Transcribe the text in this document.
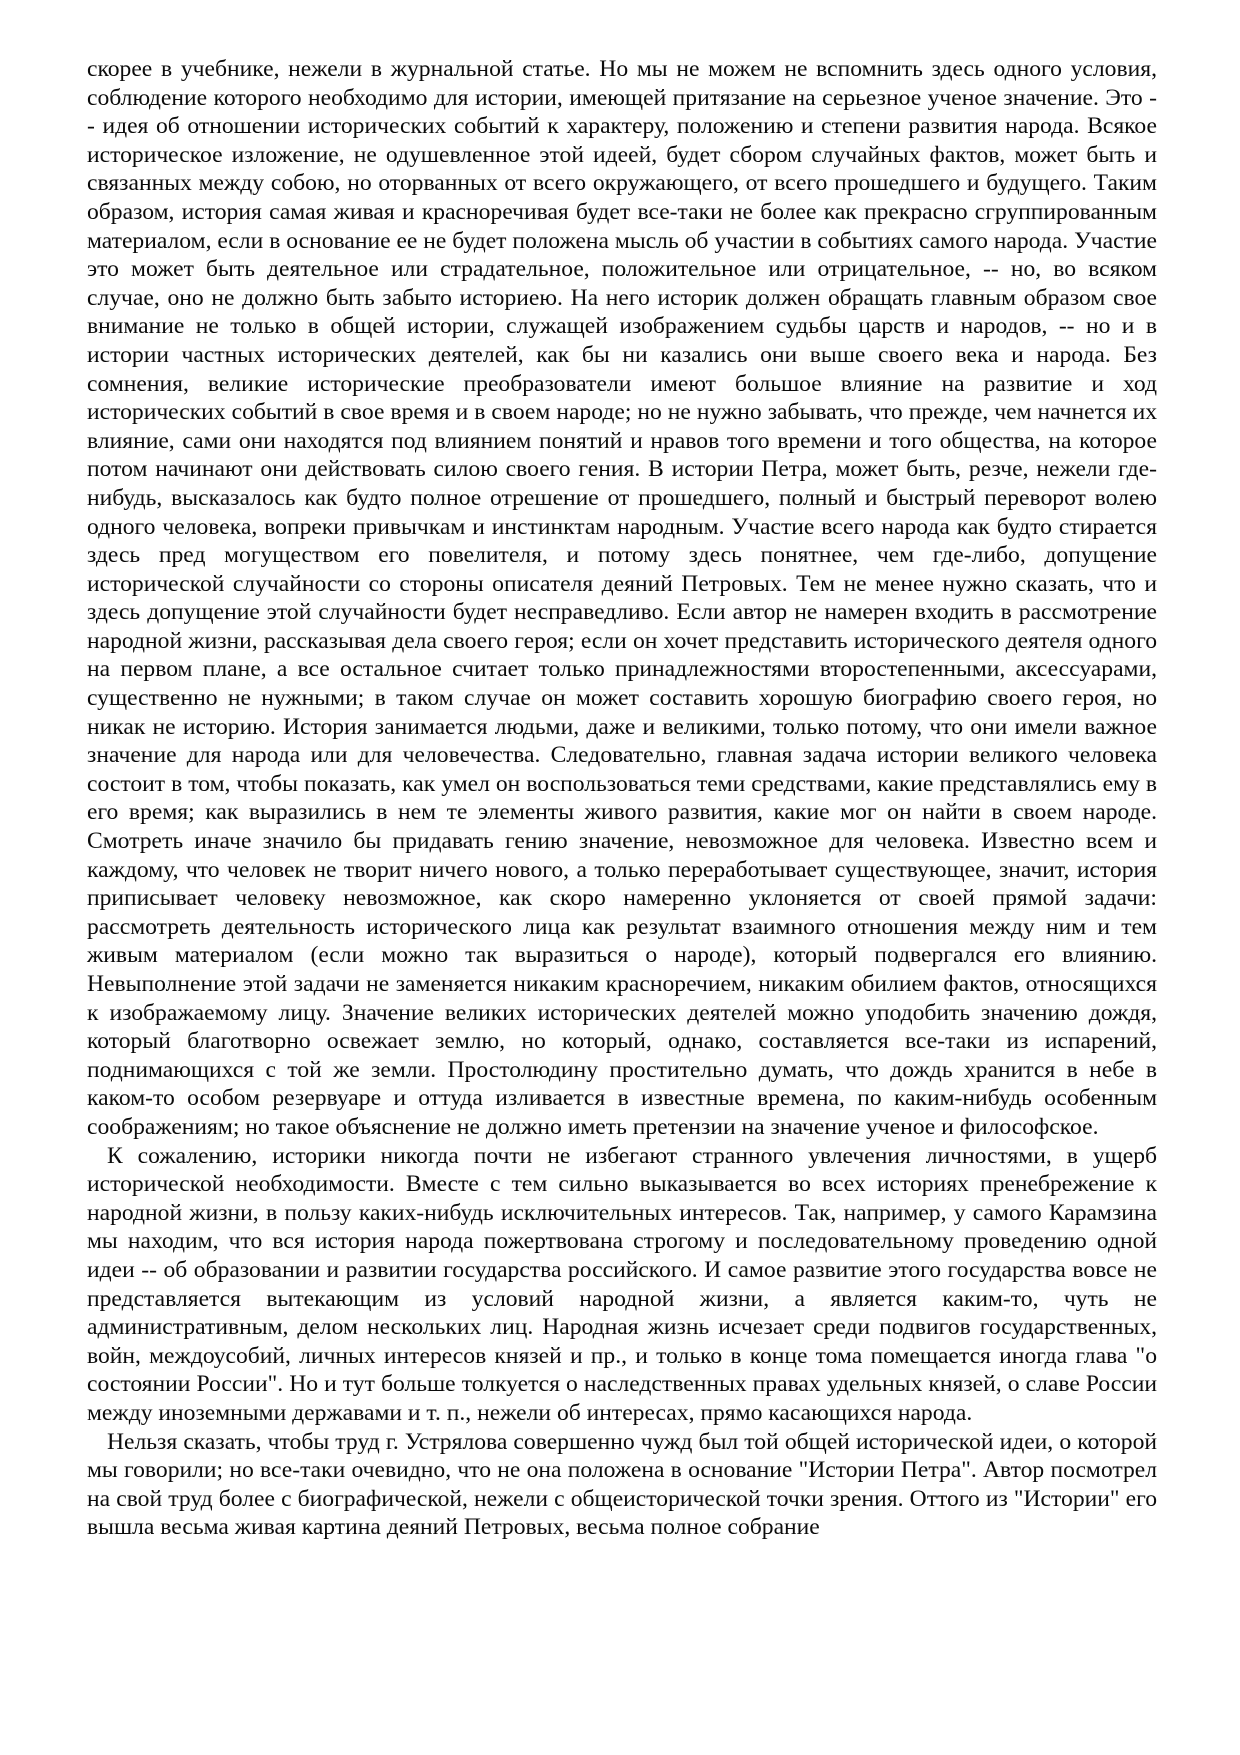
скорее в учебнике, нежели в журнальной статье. Но мы не можем не вспомнить здесь одного условия, соблюдение которого необходимо для истории, имеющей притязание на серьезное ученое значение. Это -- идея об отношении исторических событий к характеру, положению и степени развития народа. Всякое историческое изложение, не одушевленное этой идеей, будет сбором случайных фактов, может быть и связанных между собою, но оторванных от всего окружающего, от всего прошедшего и будущего. Таким образом, история самая живая и красноречивая будет все-таки не более как прекрасно сгруппированным материалом, если в основание ее не будет положена мысль об участии в событиях самого народа. Участие это может быть деятельное или страдательное, положительное или отрицательное, -- но, во всяком случае, оно не должно быть забыто историею. На него историк должен обращать главным образом свое внимание не только в общей истории, служащей изображением судьбы царств и народов, -- но и в истории частных исторических деятелей, как бы ни казались они выше своего века и народа. Без сомнения, великие исторические преобразователи имеют большое влияние на развитие и ход исторических событий в свое время и в своем народе; но не нужно забывать, что прежде, чем начнется их влияние, сами они находятся под влиянием понятий и нравов того времени и того общества, на которое потом начинают они действовать силою своего гения. В истории Петра, может быть, резче, нежели где-нибудь, высказалось как будто полное отрешение от прошедшего, полный и быстрый переворот волею одного человека, вопреки привычкам и инстинктам народным. Участие всего народа как будто стирается здесь пред могуществом его повелителя, и потому здесь понятнее, чем где-либо, допущение исторической случайности со стороны описателя деяний Петровых. Тем не менее нужно сказать, что и здесь допущение этой случайности будет несправедливо. Если автор не намерен входить в рассмотрение народной жизни, рассказывая дела своего героя; если он хочет представить исторического деятеля одного на первом плане, а все остальное считает только принадлежностями второстепенными, аксессуарами, существенно не нужными; в таком случае он может составить хорошую биографию своего героя, но никак не историю. История занимается людьми, даже и великими, только потому, что они имели важное значение для народа или для человечества. Следовательно, главная задача истории великого человека состоит в том, чтобы показать, как умел он воспользоваться теми средствами, какие представлялись ему в его время; как выразились в нем те элементы живого развития, какие мог он найти в своем народе. Смотреть иначе значило бы придавать гению значение, невозможное для человека. Известно всем и каждому, что человек не творит ничего нового, а только переработывает существующее, значит, история приписывает человеку невозможное, как скоро намеренно уклоняется от своей прямой задачи: рассмотреть деятельность исторического лица как результат взаимного отношения между ним и тем живым материалом (если можно так выразиться о народе), который подвергался его влиянию. Невыполнение этой задачи не заменяется никаким красноречием, никаким обилием фактов, относящихся к изображаемому лицу. Значение великих исторических деятелей можно уподобить значению дождя, который благотворно освежает землю, но который, однако, составляется все-таки из испарений, поднимающихся с той же земли. Простолюдину простительно думать, что дождь хранится в небе в каком-то особом резервуаре и оттуда изливается в известные времена, по каким-нибудь особенным соображениям; но такое объяснение не должно иметь претензии на значение ученое и философское.

К сожалению, историки никогда почти не избегают странного увлечения личностями, в ущерб исторической необходимости. Вместе с тем сильно выказывается во всех историях пренебрежение к народной жизни, в пользу каких-нибудь исключительных интересов. Так, например, у самого Карамзина мы находим, что вся история народа пожертвована строгому и последовательному проведению одной идеи -- об образовании и развитии государства российского. И самое развитие этого государства вовсе не представляется вытекающим из условий народной жизни, а является каким-то, чуть не административным, делом нескольких лиц. Народная жизнь исчезает среди подвигов государственных, войн, междоусобий, личных интересов князей и пр., и только в конце тома помещается иногда глава "о состоянии России". Но и тут больше толкуется о наследственных правах удельных князей, о славе России между иноземными державами и т. п., нежели об интересах, прямо касающихся народа.

Нельзя сказать, чтобы труд г. Устрялова совершенно чужд был той общей исторической идеи, о которой мы говорили; но все-таки очевидно, что не она положена в основание "Истории Петра". Автор посмотрел на свой труд более с биографической, нежели с общеисторической точки зрения. Оттого из "Истории" его вышла весьма живая картина деяний Петровых, весьма полное собрание
